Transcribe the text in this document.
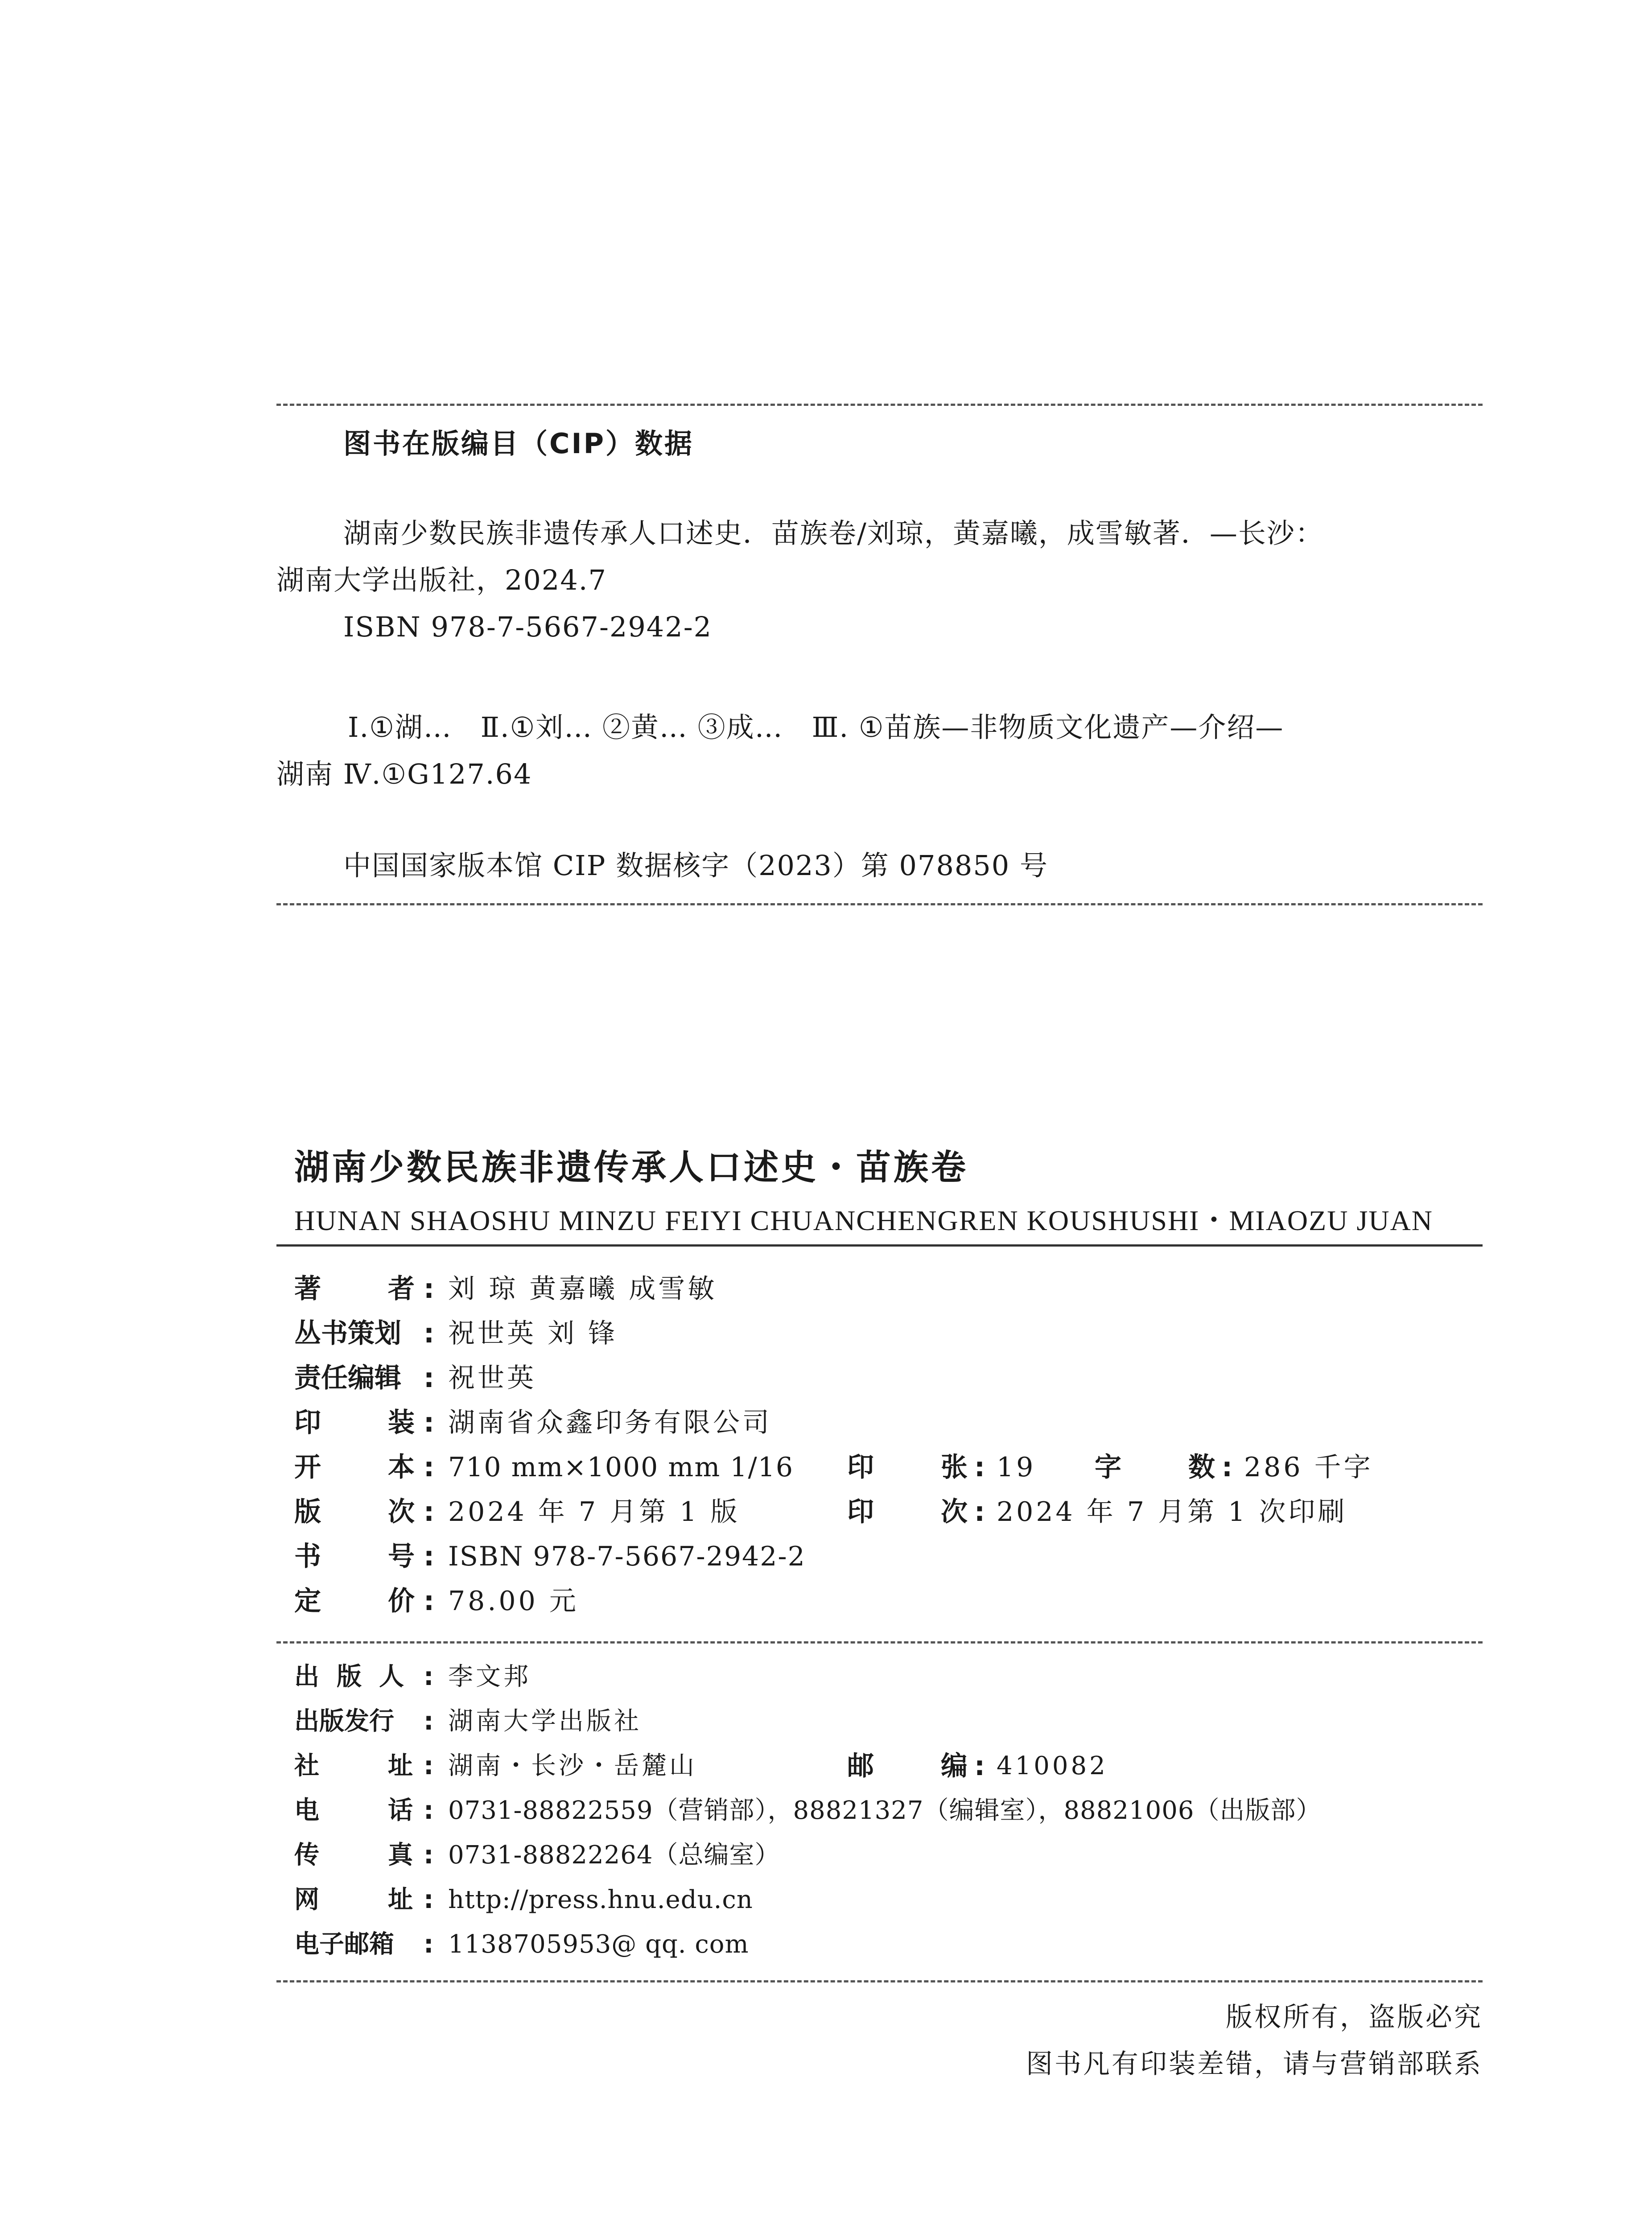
图书在版编目（CIP）数据
湖南少数民族非遗传承人口述史．苗族卷/刘琼，黄嘉曦，成雪敏著．—长沙：
湖南大学出版社，2024.7
ISBN 978-7-5667-2942-2
Ⅰ.①湖…　Ⅱ.①刘… ②黄… ③成…　Ⅲ. ①苗族—非物质文化遗产—介绍—
湖南 Ⅳ.①G127.64
中国国家版本馆 CIP 数据核字（2023）第 078850 号
湖南少数民族非遗传承人口述史・苗族卷
HUNAN SHAOSHU MINZU FEIYI CHUANCHENGREN KOUSHUSHI・MIAOZU JUAN
著	者 : 刘 琼 黄嘉曦 成雪敏
丛书策划 : 祝世英 刘 锋
责任编辑 : 祝世英
印	装 : 湖南省众鑫印务有限公司
开	本 : 710 mm×1000 mm 1/16 印	张 : 19 字	数 : 286 千字
版	次 : 2024 年 7 月第 1 版	印	次 : 2024 年 7 月第 1 次印刷
书	号 : ISBN 978-7-5667-2942-2
定	价 : 78.00 元
出 版 人 : 李文邦
出版发行 : 湖南大学出版社
社	址 : 湖南・长沙・岳麓山	邮	编 : 410082
电	话 : 0731-88822559（营销部），88821327（编辑室），88821006（出版部）
传	真 : 0731-88822264（总编室）
网	址 : http://press.hnu.edu.cn
电子邮箱 : 1138705953@ qq. com
版权所有，盗版必究
图书凡有印装差错，请与营销部联系
